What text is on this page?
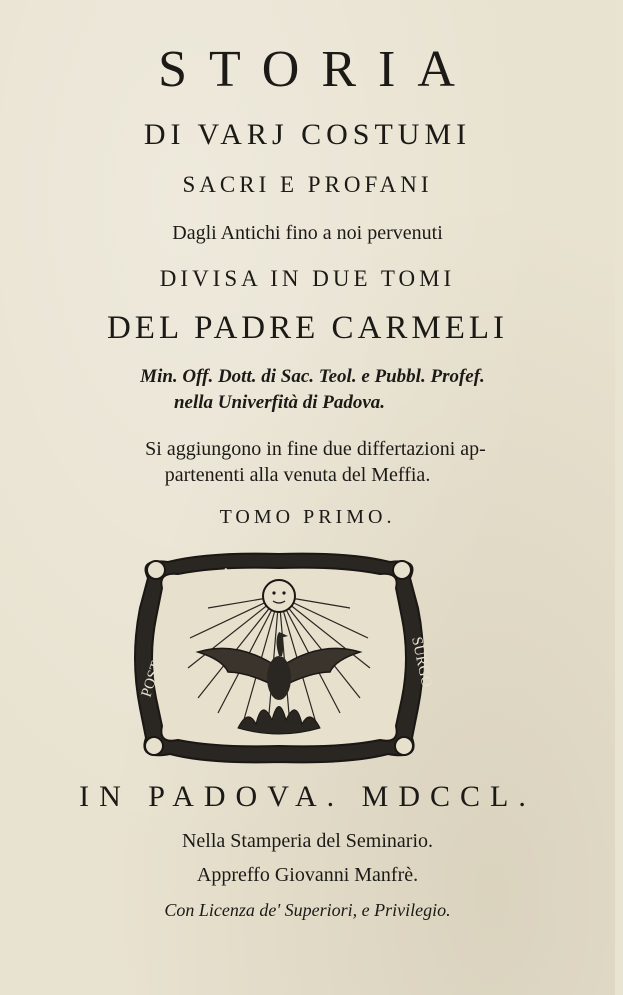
STORIA
DI VARJ COSTUMI
SACRI E PROFANI
Dagli Antichi fino a noi pervenuti
DIVISA IN DUE TOMI
DEL PADRE CARMELI
Min. Off. Dott. di Sac. Teol. e Pubbl. Profef.
nella Univerfità di Padova.
Si aggiungono in fine due differtazioni ap-
partenenti alla venuta del Meffia.
TOMO PRIMO.
FATA	RE
POST	SURGO
IN PADOVA. MDCCL.
Nella Stamperia del Seminario.
Appreffo Giovanni Manfrè.
Con Licenza de' Superiori, e Privilegio.
